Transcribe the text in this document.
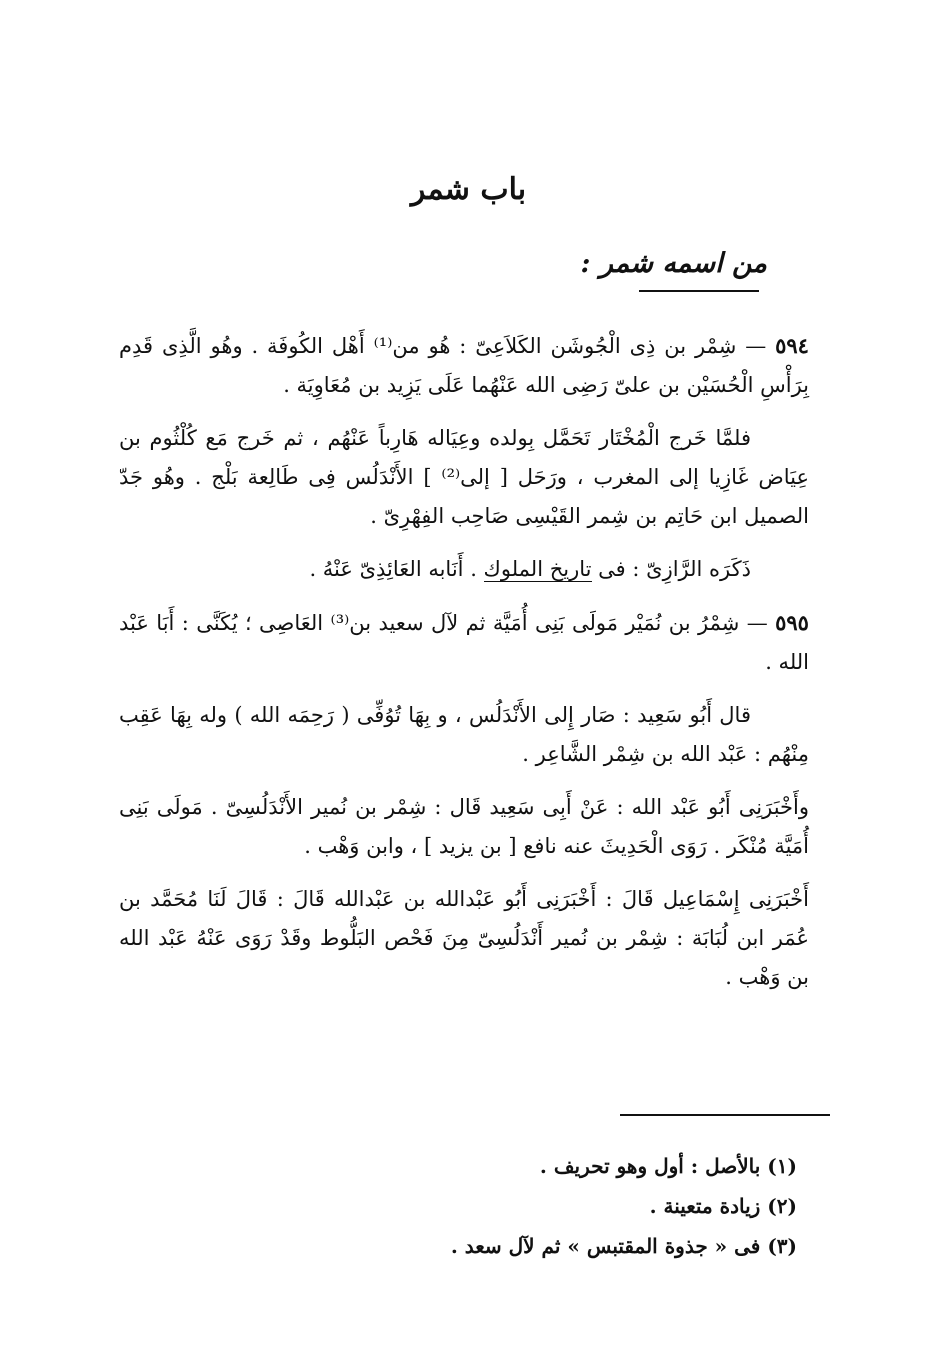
باب شمر
من اسمه شمر :

٥٩٤ — شِمْر بن ذِى الْجُوشَن الكَلاَعِىّ : هُو من⁽¹⁾ أَهْل الكُوفَة . وهُو الَّذِى قَدِم بِرَأْسِ الْحُسَيْن بن علىّ رَضِى الله عَنْهُما عَلَى يَزِيد بن مُعَاوِيَة .

فلمَّا خَرج الْمُخْتَار تَحَمَّل بِولده وعِيَاله هَارِباً عَنْهُم ، ثم خَرج مَع كُلْثُوم بن عِيَاض غَازِيا إلى المغرب ، ورَحَل [ إلى⁽²⁾ ] الأَنْدَلُس فِى طَالِعة بَلْج . وهُو جَدّ الصميل ابن حَاتِم بن شِمر القَيْسِى صَاحِب الفِهْرِىّ .

ذَكَرَه الرَّازِىّ : فى تاريخ الملوك . أَنَابه العَائِذِىّ عَنْهُ .

٥٩٥ — شِمْرُ بن نُمَيْر مَولَى بَنِى أُمَيَّة ثم لآل سعيد بن⁽³⁾ العَاصِى ؛ يُكَنَّى : أَبَا عَبْد الله .

قال أَبُو سَعِيد : صَار إِلى الأَنْدَلُس ، و بِهَا تُوُفِّى ( رَحِمَه الله ) وله بِهَا عَقِب مِنْهُم : عَبْد الله بن شِمْر الشَّاعِر .

وأَخْبَرَنِى أَبُو عَبْد الله : عَنْ أَبِى سَعِيد قَال : شِمْر بن نُمير الأَنْدَلُسِىّ . مَولَى بَنِى أُمَيَّة مُنْكَر . رَوَى الْحَدِيثَ عنه نافع [ بن يزيد ] ، وابن وَهْب .

أَخْبَرَنِى إِسْمَاعِيل قَالَ : أَخْبَرَنِى أَبُو عَبْدالله بن عَبْدالله قَالَ : قَالَ لَنَا مُحَمَّد بن عُمَر ابن لُبَابَة : شِمْر بن نُمير أَنْدَلُسِىّ مِنَ فَحْص البَلُّوط وقَدْ رَوَى عَنْهُ عَبْد الله بن وَهْب .

(١) بالأصل : أول وهو تحريف .

(٢) زيادة متعينة .

(٣) فى « جذوة المقتبس » ثم لآل سعد .
